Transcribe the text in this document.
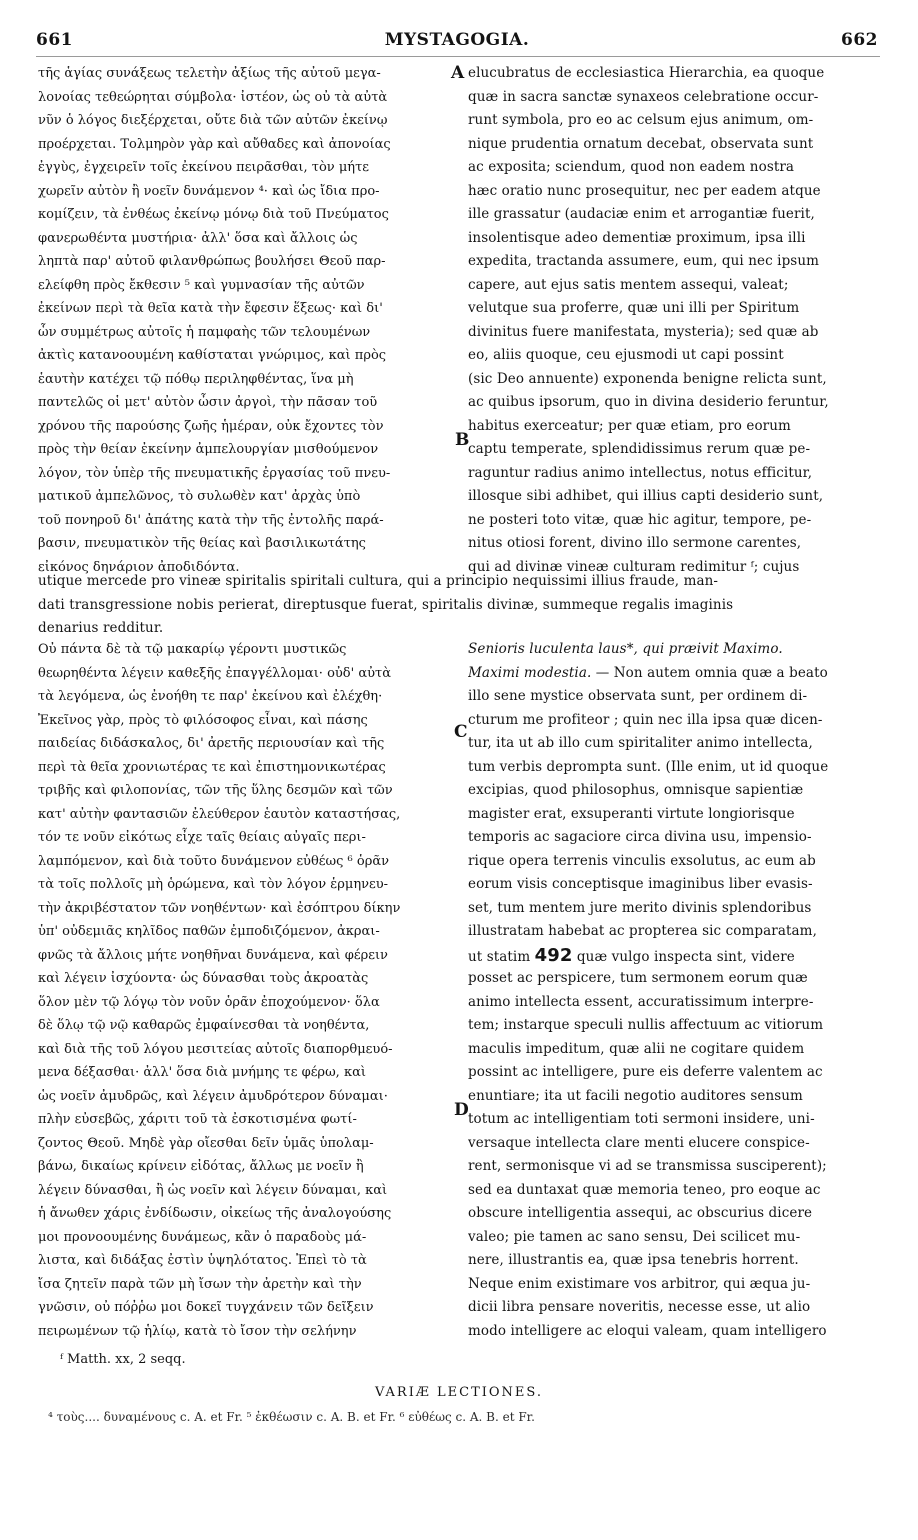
661	MYSTAGOGIA.	662
A
B
C
D
τῆς ἁγίας συνάξεως τελετὴν ἀξίως τῆς αὐτοῦ μεγα-
λονοίας τεθεώρηται σύμβολα· ἰστέον, ὡς οὐ τὰ αὐτὰ
νῦν ὁ λόγος διεξέρχεται, οὔτε διὰ τῶν αὐτῶν ἐκείνῳ
προέρχεται. Τολμηρὸν γὰρ καὶ αὔθαδες καὶ ἀπονοίας
ἐγγὺς, ἐγχειρεῖν τοῖς ἐκείνου πειρᾶσθαι, τὸν μήτε
χωρεῖν αὐτὸν ἢ νοεῖν δυνάμενον ⁴· καὶ ὡς ἴδια προ-
κομίζειν, τὰ ἐνθέως ἐκείνῳ μόνῳ διὰ τοῦ Πνεύματος
φανερωθέντα μυστήρια· ἀλλ' ὅσα καὶ ἄλλοις ὡς
ληπτὰ παρ' αὐτοῦ φιλανθρώπως βουλήσει Θεοῦ παρ-
ελείφθη πρὸς ἔκθεσιν ⁵ καὶ γυμνασίαν τῆς αὐτῶν
ἐκείνων περὶ τὰ θεῖα κατὰ τὴν ἔφεσιν ἕξεως· καὶ δι'
ὧν συμμέτρως αὐτοῖς ἡ παμφαὴς τῶν τελουμένων
ἀκτὶς κατανοουμένη καθίσταται γνώριμος, καὶ πρὸς
ἑαυτὴν κατέχει τῷ πόθῳ περιληφθέντας, ἵνα μὴ
παντελῶς οἱ μετ' αὐτὸν ὦσιν ἀργοὶ, τὴν πᾶσαν τοῦ
χρόνου τῆς παρούσης ζωῆς ἡμέραν, οὐκ ἔχοντες τὸν
πρὸς τὴν θείαν ἐκείνην ἀμπελουργίαν μισθούμενον
λόγον, τὸν ὑπὲρ τῆς πνευματικῆς ἐργασίας τοῦ πνευ-
ματικοῦ ἀμπελῶνος, τὸ συλωθὲν κατ' ἀρχὰς ὑπὸ
τοῦ πονηροῦ δι' ἀπάτης κατὰ τὴν τῆς ἐντολῆς παρά-
βασιν, πνευματικὸν τῆς θείας καὶ βασιλικωτάτης
εἰκόνος δηνάριον ἀποδιδόντα.
elucubratus de ecclesiastica Hierarchia, ea quoque
quæ in sacra sanctæ synaxeos celebratione occur-
runt symbola, pro eo ac celsum ejus animum, om-
nique prudentia ornatum decebat, observata sunt
ac exposita; sciendum, quod non eadem nostra
hæc oratio nunc prosequitur, nec per eadem atque
ille grassatur (audaciæ enim et arrogantiæ fuerit,
insolentisque adeo dementiæ proximum, ipsa illi
expedita, tractanda assumere, eum, qui nec ipsum
capere, aut ejus satis mentem assequi, valeat;
velutque sua proferre, quæ uni illi per Spiritum
divinitus fuere manifestata, mysteria); sed quæ ab
eo, aliis quoque, ceu ejusmodi ut capi possint
(sic Deo annuente) exponenda benigne relicta sunt,
ac quibus ipsorum, quo in divina desiderio feruntur,
habitus exerceatur; per quæ etiam, pro eorum
captu temperate, splendidissimus rerum quæ pe-
raguntur radius animo intellectus, notus efficitur,
illosque sibi adhibet, qui illius capti desiderio sunt,
ne posteri toto vitæ, quæ hic agitur, tempore, pe-
nitus otiosi forent, divino illo sermone carentes,
qui ad divinæ vineæ culturam redimitur ᶠ; cujus
utique mercede pro vineæ spiritalis spiritali cultura, qui a principio nequissimi illius fraude, man-
dati transgressione nobis perierat, direptusque fuerat, spiritalis divinæ, summeque regalis imaginis
denarius redditur.
Οὐ πάντα δὲ τὰ τῷ μακαρίῳ γέροντι μυστικῶς
θεωρηθέντα λέγειν καθεξῆς ἐπαγγέλλομαι· οὐδ' αὐτὰ
τὰ λεγόμενα, ὡς ἐνοήθη τε παρ' ἐκείνου καὶ ἐλέχθη·
Ἐκεῖνος γὰρ, πρὸς τὸ φιλόσοφος εἶναι, καὶ πάσης
παιδείας διδάσκαλος, δι' ἀρετῆς περιουσίαν καὶ τῆς
περὶ τὰ θεῖα χρονιωτέρας τε καὶ ἐπιστημονικωτέρας
τριβῆς καὶ φιλοπονίας, τῶν τῆς ὕλης δεσμῶν καὶ τῶν
κατ' αὐτὴν φαντασιῶν ἐλεύθερον ἑαυτὸν καταστήσας,
τόν τε νοῦν εἰκότως εἶχε ταῖς θείαις αὐγαῖς περι-
λαμπόμενον, καὶ διὰ τοῦτο δυνάμενον εὐθέως ⁶ ὁρᾶν
τὰ τοῖς πολλοῖς μὴ ὁρώμενα, καὶ τὸν λόγον ἑρμηνευ-
τὴν ἀκριβέστατον τῶν νοηθέντων· καὶ ἐσόπτρου δίκην
ὑπ' οὐδεμιᾶς κηλῖδος παθῶν ἐμποδιζόμενον, ἀκραι-
φνῶς τὰ ἄλλοις μήτε νοηθῆναι δυνάμενα, καὶ φέρειν
καὶ λέγειν ἰσχύοντα· ὡς δύνασθαι τοὺς ἀκροατὰς
ὅλον μὲν τῷ λόγῳ τὸν νοῦν ὁρᾶν ἐποχούμενον· ὅλα
δὲ ὅλῳ τῷ νῷ καθαρῶς ἐμφαίνεσθαι τὰ νοηθέντα,
καὶ διὰ τῆς τοῦ λόγου μεσιτείας αὐτοῖς διαπορθμευό-
μενα δέξασθαι· ἀλλ' ὅσα διὰ μνήμης τε φέρω, καὶ
ὡς νοεῖν ἀμυδρῶς, καὶ λέγειν ἀμυδρότερον δύναμαι·
πλὴν εὐσεβῶς, χάριτι τοῦ τὰ ἐσκοτισμένα φωτί-
ζοντος Θεοῦ. Μηδὲ γὰρ οἴεσθαι δεῖν ὑμᾶς ὑπολαμ-
βάνω, δικαίως κρίνειν εἰδότας, ἄλλως με νοεῖν ἢ
λέγειν δύνασθαι, ἢ ὡς νοεῖν καὶ λέγειν δύναμαι, καὶ
ἡ ἄνωθεν χάρις ἐνδίδωσιν, οἰκείως τῆς ἀναλογούσης
μοι προνοουμένης δυνάμεως, κἂν ὁ παραδοὺς μά-
λιστα, καὶ διδάξας ἐστὶν ὑψηλότατος. Ἐπεὶ τὸ τὰ
ἴσα ζητεῖν παρὰ τῶν μὴ ἴσων τὴν ἀρετὴν καὶ τὴν
γνῶσιν, οὐ πόῤῥω μοι δοκεῖ τυγχάνειν τῶν δεῖξειν
πειρωμένων τῷ ἡλίῳ, κατὰ τὸ ἴσον τὴν σελήνην
Senioris luculenta laus*, qui præivit Maximo.
Maximi modestia. — Non autem omnia quæ a beato
illo sene mystice observata sunt, per ordinem di-
cturum me profiteor ; quin nec illa ipsa quæ dicen-
tur, ita ut ab illo cum spiritaliter animo intellecta,
tum verbis deprompta sunt. (Ille enim, ut id quoque
excipias, quod philosophus, omnisque sapientiæ
magister erat, exsuperanti virtute longiorisque
temporis ac sagaciore circa divina usu, impensio-
rique opera terrenis vinculis exsolutus, ac eum ab
eorum visis conceptisque imaginibus liber evasis-
set, tum mentem jure merito divinis splendoribus
illustratam habebat ac propterea sic comparatam,
ut statim 492 quæ vulgo inspecta sint, videre
posset ac perspicere, tum sermonem eorum quæ
animo intellecta essent, accuratissimum interpre-
tem; instarque speculi nullis affectuum ac vitiorum
maculis impeditum, quæ alii ne cogitare quidem
possint ac intelligere, pure eis deferre valentem ac
enuntiare; ita ut facili negotio auditores sensum
totum ac intelligentiam toti sermoni insidere, uni-
versaque intellecta clare menti elucere conspice-
rent, sermonisque vi ad se transmissa susciperent);
sed ea duntaxat quæ memoria teneo, pro eoque ac
obscure intelligentia assequi, ac obscurius dicere
valeo; pie tamen ac sano sensu, Dei scilicet mu-
nere, illustrantis ea, quæ ipsa tenebris horrent.
Neque enim existimare vos arbitror, qui æqua ju-
dicii libra pensare noveritis, necesse esse, ut alio
modo intelligere ac eloqui valeam, quam intelligero
ᶠ Matth. xx, 2 seqq.
VARIÆ LECTIONES.
⁴ τοὺς.... δυναμένους c. A. et Fr. ⁵ ἐκθέωσιν c. A. B. et Fr. ⁶ εὐθέως c. A. B. et Fr.
